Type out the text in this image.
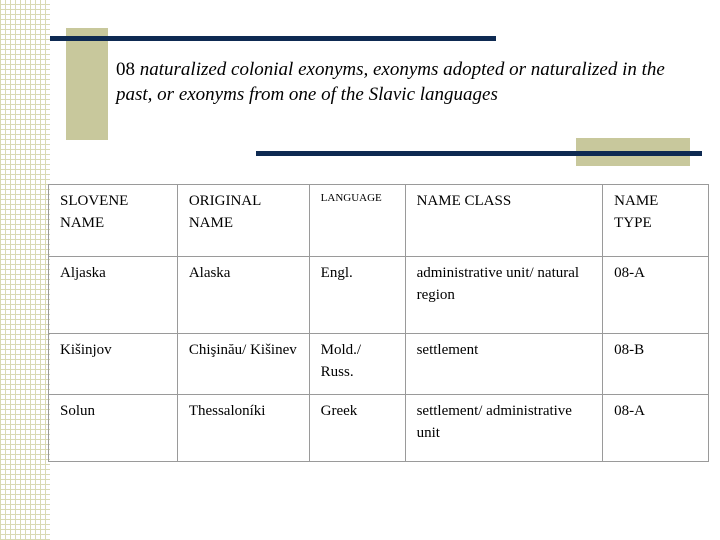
08 naturalized colonial exonyms, exonyms adopted or naturalized in the past, or exonyms from one of the Slavic languages
SLOVENE NAME	ORIGINAL NAME	LANGUAGE	NAME CLASS	NAME TYPE
Aljaska	Alaska	Engl.	administrative unit/ natural region	08-A
Kišinjov	Chişinău/ Kišinev	Mold./ Russ.	settlement	08-B
Solun	Thessaloníki	Greek	settlement/ administrative unit	08-A
